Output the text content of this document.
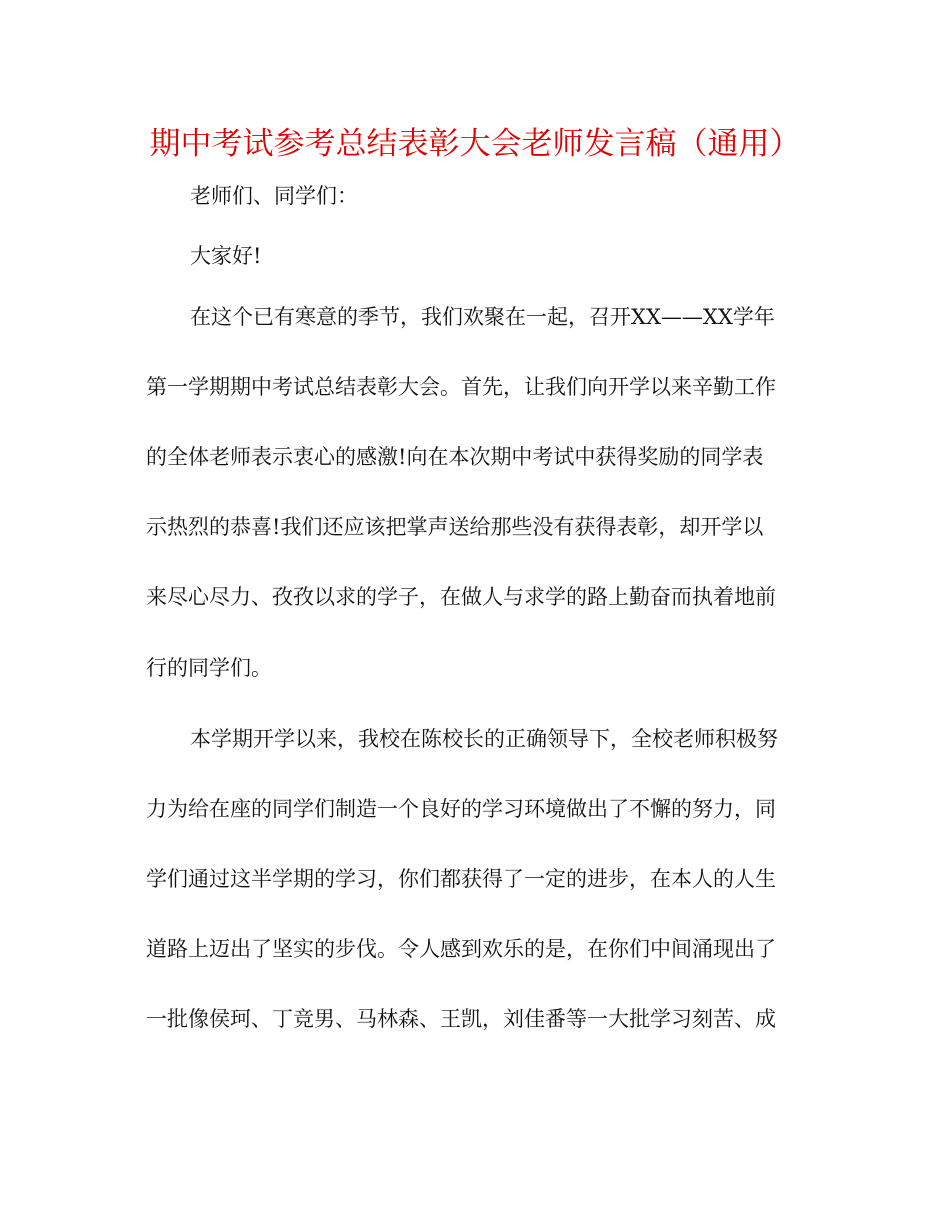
期中考试参考总结表彰大会老师发言稿（通用）
老师们、同学们：
大家好!
在这个已有寒意的季节，我们欢聚在一起，召开XX——XX学年
第一学期期中考试总结表彰大会。首先，让我们向开学以来辛勤工作
的全体老师表示衷心的感激!向在本次期中考试中获得奖励的同学表
示热烈的恭喜!我们还应该把掌声送给那些没有获得表彰，却开学以
来尽心尽力、孜孜以求的学子，在做人与求学的路上勤奋而执着地前
行的同学们。
本学期开学以来，我校在陈校长的正确领导下，全校老师积极努
力为给在座的同学们制造一个良好的学习环境做出了不懈的努力，同
学们通过这半学期的学习，你们都获得了一定的进步，在本人的人生
道路上迈出了坚实的步伐。令人感到欢乐的是，在你们中间涌现出了
一批像侯珂、丁竞男、马林森、王凯，刘佳番等一大批学习刻苦、成
